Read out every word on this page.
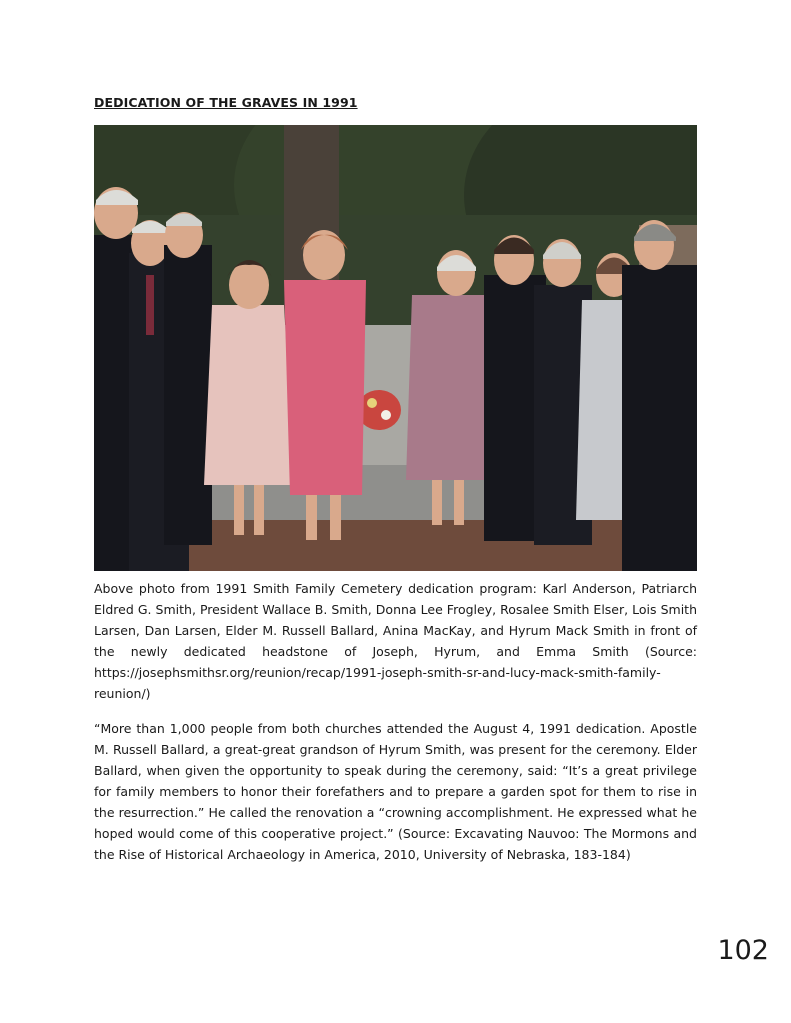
DEDICATION OF THE GRAVES IN 1991
Above photo from 1991 Smith Family Cemetery dedication program: Karl Anderson, Patriarch Eldred G. Smith, President Wallace B. Smith, Donna Lee Frogley, Rosalee Smith Elser, Lois Smith Larsen, Dan Larsen, Elder M. Russell Ballard, Anina MacKay, and Hyrum Mack Smith in front of the newly dedicated headstone of Joseph, Hyrum, and Emma Smith (Source: https://josephsmithsr.org/reunion/recap/1991-joseph-smith-sr-and-lucy-mack-smith-family-reunion/)
“More than 1,000 people from both churches attended the August 4, 1991 dedication. Apostle M. Russell Ballard, a great-great grandson of Hyrum Smith, was present for the ceremony. Elder Ballard, when given the opportunity to speak during the ceremony, said: “It’s a great privilege for family members to honor their forefathers and to prepare a garden spot for them to rise in the resurrection.” He called the renovation a “crowning accomplishment. He expressed what he hoped would come of this cooperative project.” (Source: Excavating Nauvoo: The Mormons and the Rise of Historical Archaeology in America, 2010, University of Nebraska, 183-184)
102
